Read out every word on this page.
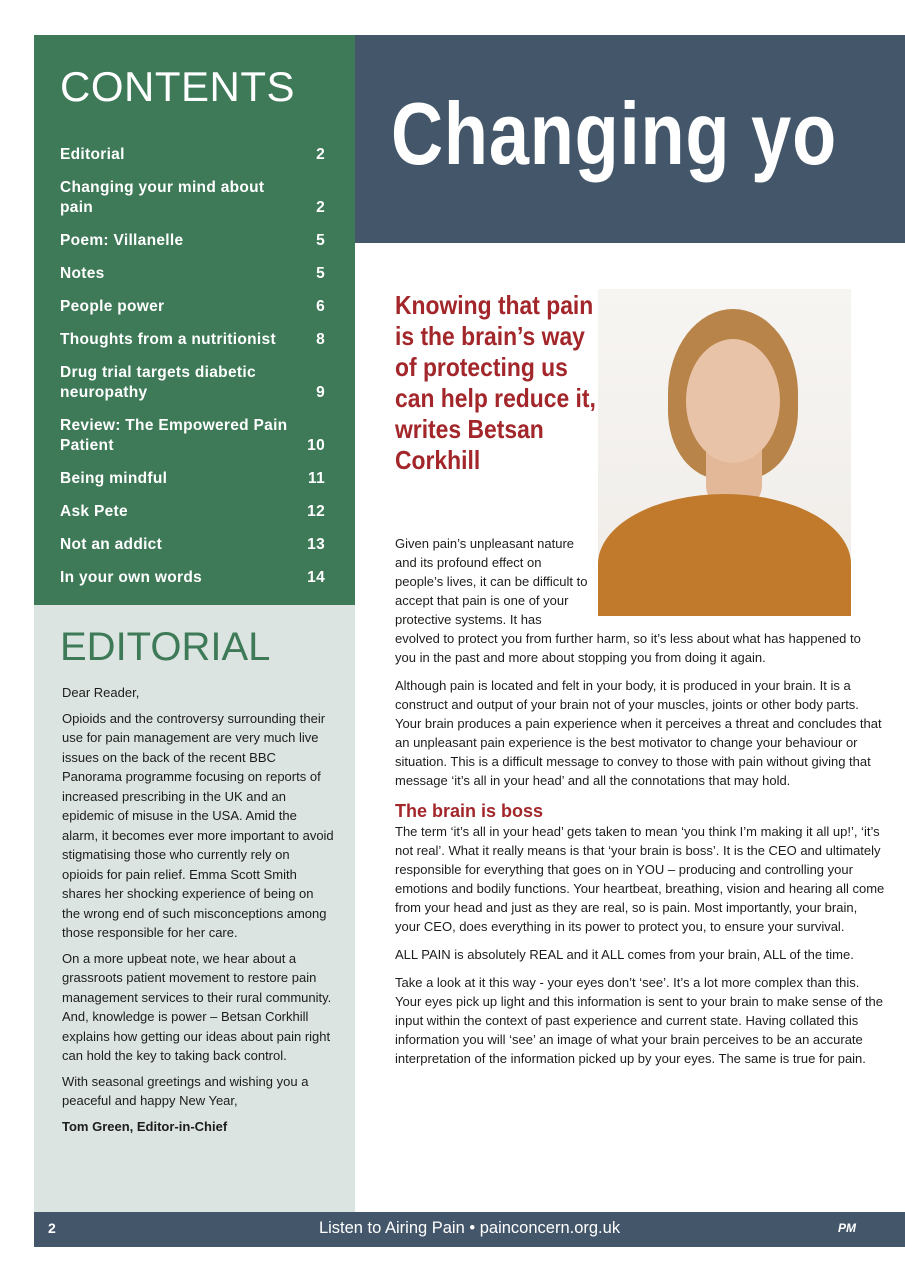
CONTENTS
Editorial	2
Changing your mind about pain	2
Poem: Villanelle	5
Notes	5
People power	6
Thoughts from a nutritionist	8
Drug trial targets diabetic neuropathy	9
Review: The Empowered Pain Patient	10
Being mindful	11
Ask Pete	12
Not an addict	13
In your own words	14
EDITORIAL

Dear Reader,

Opioids and the controversy surrounding their use for pain management are very much live issues on the back of the recent BBC Panorama programme focusing on reports of increased prescribing in the UK and an epidemic of misuse in the USA. Amid the alarm, it becomes ever more important to avoid stigmatising those who currently rely on opioids for pain relief. Emma Scott Smith shares her shocking experience of being on the wrong end of such misconceptions among those responsible for her care.

On a more upbeat note, we hear about a grassroots patient movement to restore pain management services to their rural community. And, knowledge is power – Betsan Corkhill explains how getting our ideas about pain right can hold the key to taking back control.

With seasonal greetings and wishing you a peaceful and happy New Year,

Tom Green, Editor-in-Chief

Changing yo
Knowing that pain is the brain’s way of protecting us can help reduce it, writes Betsan Corkhill

Given pain’s unpleasant nature and its profound effect on people’s lives, it can be difficult to accept that pain is one of your protective systems. It has evolved to protect you from further harm, so it’s less about what has happened to you in the past and more about stopping you from doing it again.

Although pain is located and felt in your body, it is produced in your brain. It is a construct and output of your brain not of your muscles, joints or other body parts. Your brain produces a pain experience when it perceives a threat and concludes that an unpleasant pain experience is the best motivator to change your behaviour or situation. This is a difficult message to convey to those with pain without giving that message ‘it’s all in your head’ and all the connotations that may hold.

The brain is boss

The term ‘it’s all in your head’ gets taken to mean ‘you think I’m making it all up!’, ‘it’s not real’. What it really means is that ‘your brain is boss’. It is the CEO and ultimately responsible for everything that goes on in YOU – producing and controlling your emotions and bodily functions. Your heartbeat, breathing, vision and hearing all come from your head and just as they are real, so is pain. Most importantly, your brain, your CEO, does everything in its power to protect you, to ensure your survival.

ALL PAIN is absolutely REAL and it ALL comes from your brain, ALL of the time.

Take a look at it this way - your eyes don’t ‘see’. It’s a lot more complex than this. Your eyes pick up light and this information is sent to your brain to make sense of the input within the context of past experience and current state. Having collated this information you will ‘see’ an image of what your brain perceives to be an accurate interpretation of the information picked up by your eyes. The same is true for pain.

2	Listen to Airing Pain • painconcern.org.uk	PM
